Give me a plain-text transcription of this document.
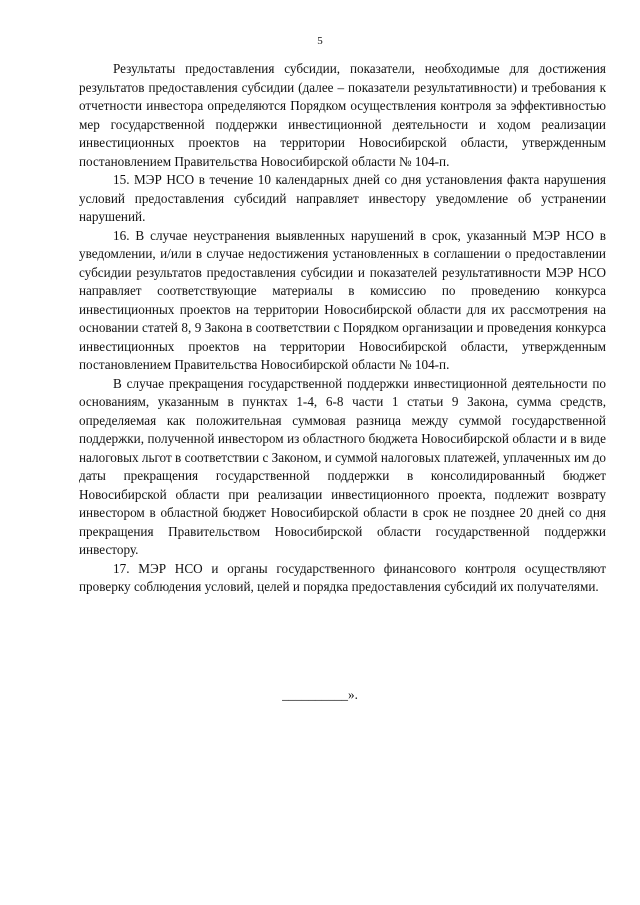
5

Результаты предоставления субсидии, показатели, необходимые для достижения результатов предоставления субсидии (далее – показатели результативности) и требования к отчетности инвестора определяются Порядком осуществления контроля за эффективностью мер государственной поддержки инвестиционной деятельности и ходом реализации инвестиционных проектов на территории Новосибирской области, утвержденным постановлением Правительства Новосибирской области № 104-п.

15. МЭР НСО в течение 10 календарных дней со дня установления факта нарушения условий предоставления субсидий направляет инвестору уведомление об устранении нарушений.

16. В случае неустранения выявленных нарушений в срок, указанный МЭР НСО в уведомлении, и/или в случае недостижения установленных в соглашении о предоставлении субсидии результатов предоставления субсидии и показателей результативности МЭР НСО направляет соответствующие материалы в комиссию по проведению конкурса инвестиционных проектов на территории Новосибирской области для их рассмотрения на основании статей 8, 9 Закона в соответствии с Порядком организации и проведения конкурса инвестиционных проектов на территории Новосибирской области, утвержденным постановлением Правительства Новосибирской области № 104-п.

В случае прекращения государственной поддержки инвестиционной деятельности по основаниям, указанным в пунктах 1-4, 6-8 части 1 статьи 9 Закона, сумма средств, определяемая как положительная суммовая разница между суммой государственной поддержки, полученной инвестором из областного бюджета Новосибирской области и в виде налоговых льгот в соответствии с Законом, и суммой налоговых платежей, уплаченных им до даты прекращения государственной поддержки в консолидированный бюджет Новосибирской области при реализации инвестиционного проекта, подлежит возврату инвестором в областной бюджет Новосибирской области в срок не позднее 20 дней со дня прекращения Правительством Новосибирской области государственной поддержки инвестору.

17. МЭР НСО и органы государственного финансового контроля осуществляют проверку соблюдения условий, целей и порядка предоставления субсидий их получателями.

__________».
